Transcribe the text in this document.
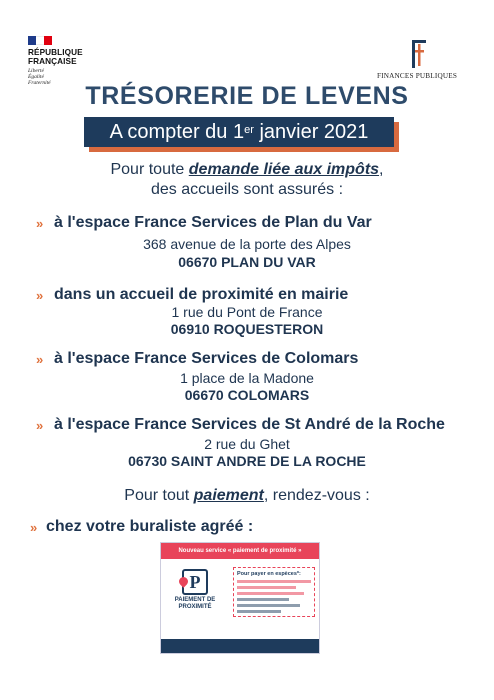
RÉPUBLIQUE
FRANÇAISE
Liberté
Égalité
Fraternité
FINANCES PUBLIQUES
TRÉSORERIE DE LEVENS
A compter du 1er janvier 2021
Pour toute demande liée aux impôts,
des accueils sont assurés :
» à l'espace France Services de Plan du Var
368 avenue de la porte des Alpes
06670 PLAN DU VAR
» dans un accueil de proximité en mairie
1 rue du Pont de France
06910 ROQUESTERON
» à l'espace France Services de Colomars
1 place de la Madone
06670 COLOMARS
» à l'espace France Services de St André de la Roche
2 rue du Ghet
06730 SAINT ANDRE DE LA ROCHE
Pour tout paiement, rendez-vous :
» chez votre buraliste agréé :
Nouveau service « paiement de proximité »
P
PAIEMENT DE
PROXIMITÉ
Pour payer en espèces*:
